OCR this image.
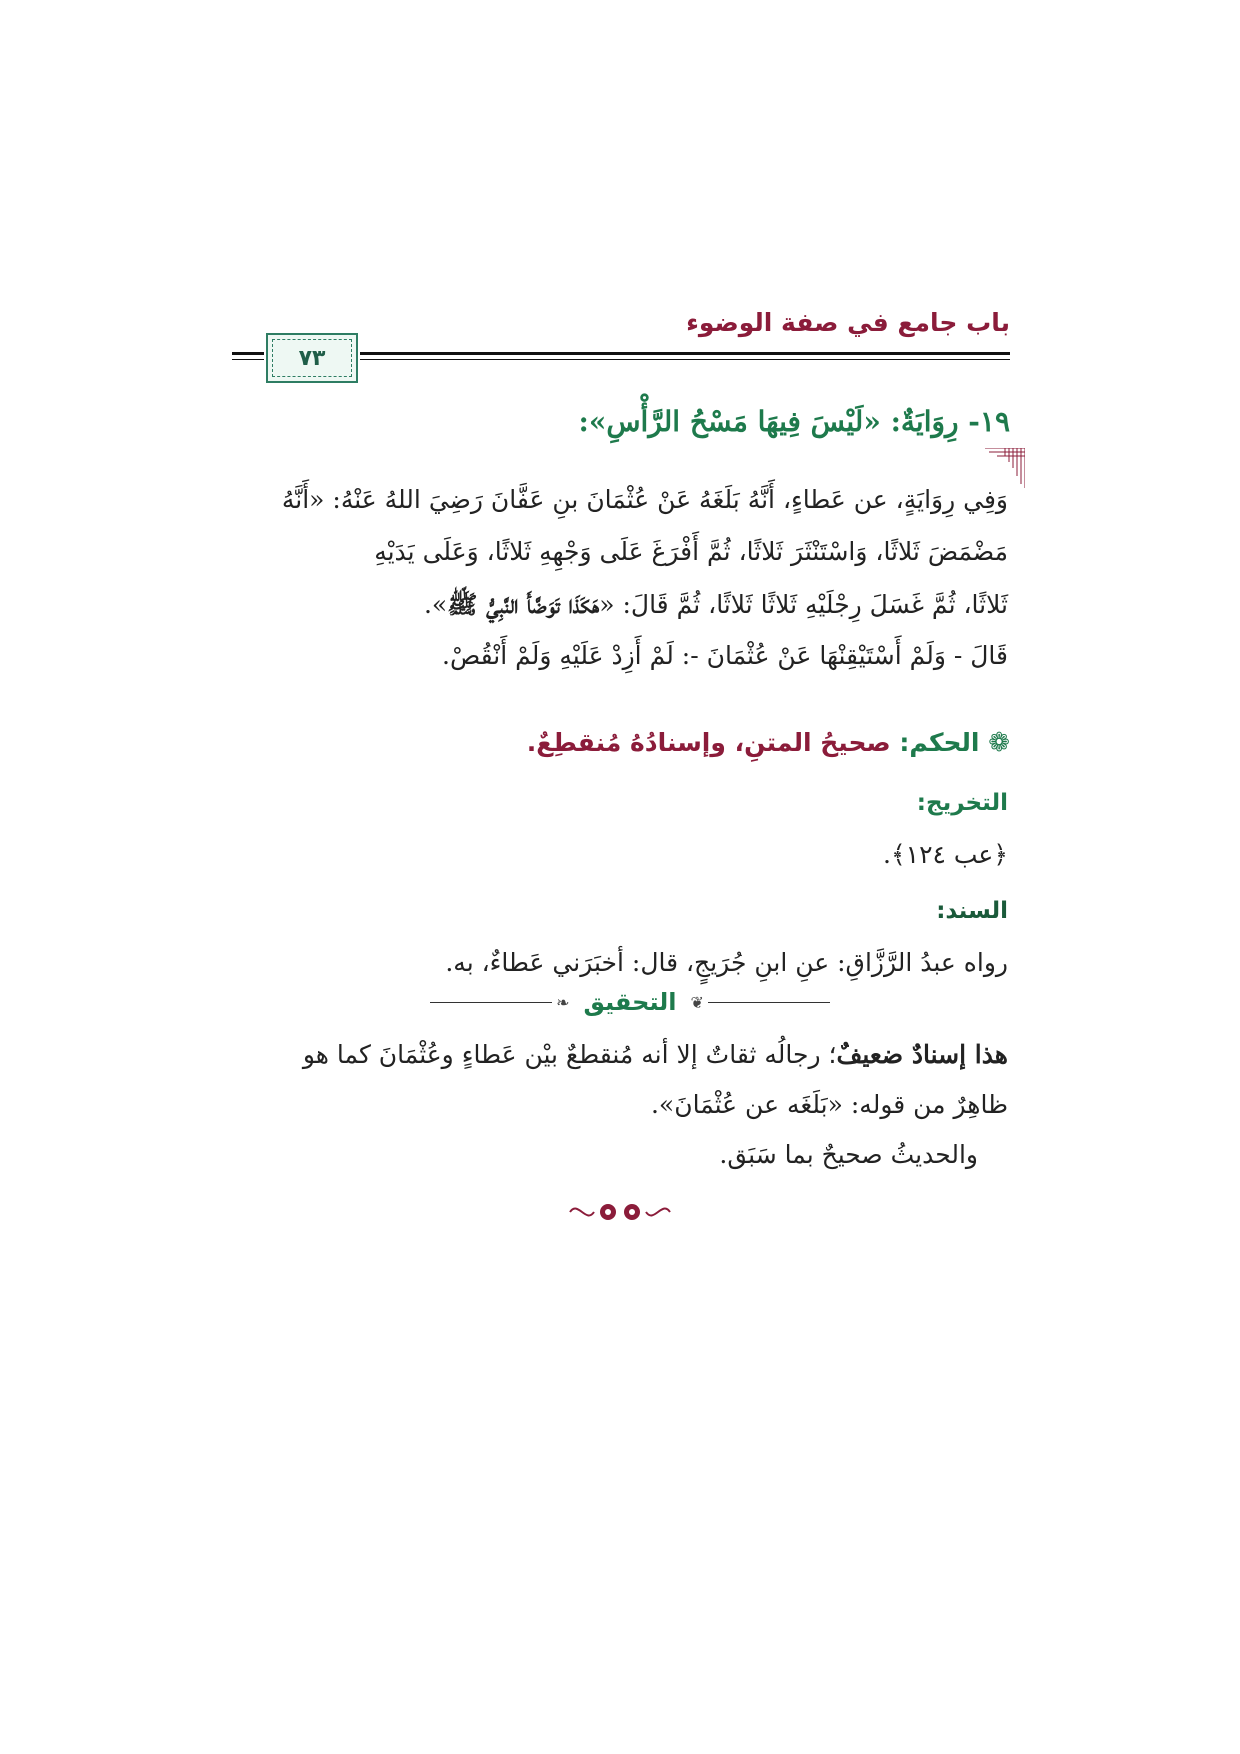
باب جامع في صفة الوضوء
٧٣
١٩- رِوَايَةٌ: «لَيْسَ فِيهَا مَسْحُ الرَّأْسِ»:
وَفِي رِوَايَةٍ، عن عَطاءٍ، أَنَّهُ بَلَغَهُ عَنْ عُثْمَانَ بنِ عَفَّانَ رَضِيَ اللهُ عَنْهُ: «أَنَّهُ
مَضْمَضَ ثَلاثًا، وَاسْتَنْثَرَ ثَلاثًا، ثُمَّ أَفْرَغَ عَلَى وَجْهِهِ ثَلاثًا، وَعَلَى يَدَيْهِ
ثَلاثًا، ثُمَّ غَسَلَ رِجْلَيْهِ ثَلاثًا ثَلاثًا، ثُمَّ قَالَ: «هَكَذَا تَوَضَّأَ النَّبِيُّ ﷺ».
قَالَ - وَلَمْ أَسْتَيْقِنْهَا عَنْ عُثْمَانَ -: لَمْ أَزِدْ عَلَيْهِ وَلَمْ أَنْقُصْ.
❁ الحكم: صحيحُ المتنِ، وإسنادُهُ مُنقطِعٌ.
التخريج:
﴿عب ١٢٤﴾.
السند:
رواه عبدُ الرَّزَّاقِ: عنِ ابنِ جُرَيجٍ، قال: أخبَرَني عَطاءٌ، به.
❦
التحقيق
❧
هذا إسنادٌ ضعيفٌ؛ رجالُه ثقاتٌ إلا أنه مُنقطعٌ بيْن عَطاءٍ وعُثْمَانَ كما هو
ظاهِرٌ من قوله: «بَلَغَه عن عُثْمَانَ».
والحديثُ صحيحٌ بما سَبَق.
